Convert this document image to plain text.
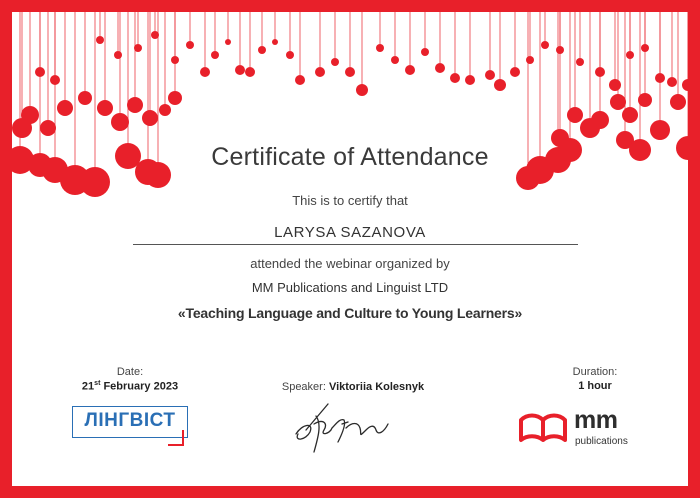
Certificate of Attendance
This is to certify that
LARYSA SAZANOVA
attended the webinar organized by
MM Publications and Linguist LTD
«Teaching Language and Culture to Young Learners»
Date:
21st February 2023	Speaker: Viktoriia Kolesnyk
Duration:
1 hour
ЛІНГВІСТ	mm
publications
